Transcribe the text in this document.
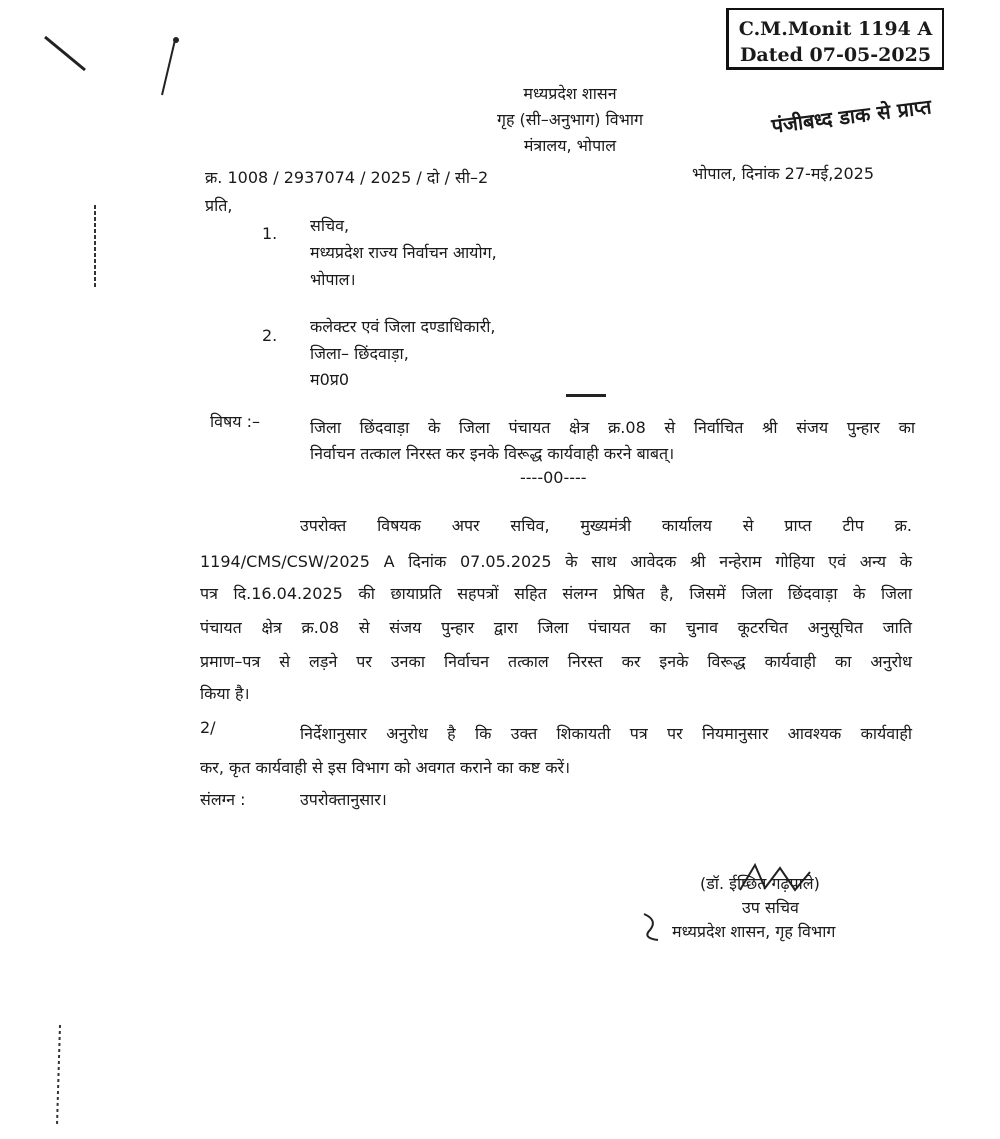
C.M.Monit 1194 A
Dated 07-05-2025
पंजीबध्द डाक से प्राप्त
मध्यप्रदेश शासन
गृह (सी–अनुभाग) विभाग
मंत्रालय, भोपाल
क्र. 1008 / 2937074 / 2025 / दो / सी–2	भोपाल, दिनांक 27-मई,2025
प्रति,
1. सचिव,
मध्यप्रदेश राज्य निर्वाचन आयोग,
भोपाल।
2. कलेक्टर एवं जिला दण्डाधिकारी,
जिला– छिंदवाड़ा,
म0प्र0
विषय :–	जिला छिंदवाड़ा के जिला पंचायत क्षेत्र क्र.08 से निर्वाचित श्री संजय पुन्हार का
निर्वाचन तत्काल निरस्त कर इनके विरूद्ध कार्यवाही करने बाबत्।
----00----
उपरोक्त विषयक अपर सचिव, मुख्यमंत्री कार्यालय से प्राप्त टीप क्र.
1194/CMS/CSW/2025 A दिनांक 07.05.2025 के साथ आवेदक श्री नन्हेराम गोहिया एवं अन्य के
पत्र दि.16.04.2025 की छायाप्रति सहपत्रों सहित संलग्न प्रेषित है, जिसमें जिला छिंदवाड़ा के जिला
पंचायत क्षेत्र क्र.08 से संजय पुन्हार द्वारा जिला पंचायत का चुनाव कूटरचित अनुसूचित जाति
प्रमाण–पत्र से लड़ने पर उनका निर्वाचन तत्काल निरस्त कर इनके विरूद्ध कार्यवाही का अनुरोध
किया है।
2/	निर्देशानुसार अनुरोध है कि उक्त शिकायती पत्र पर नियमानुसार आवश्यक कार्यवाही
कर, कृत कार्यवाही से इस विभाग को अवगत कराने का कष्ट करें।
संलग्न :	उपरोक्तानुसार।
(डॉ. ईप्छित गढ़पाले)
उप सचिव
मध्यप्रदेश शासन, गृह विभाग
